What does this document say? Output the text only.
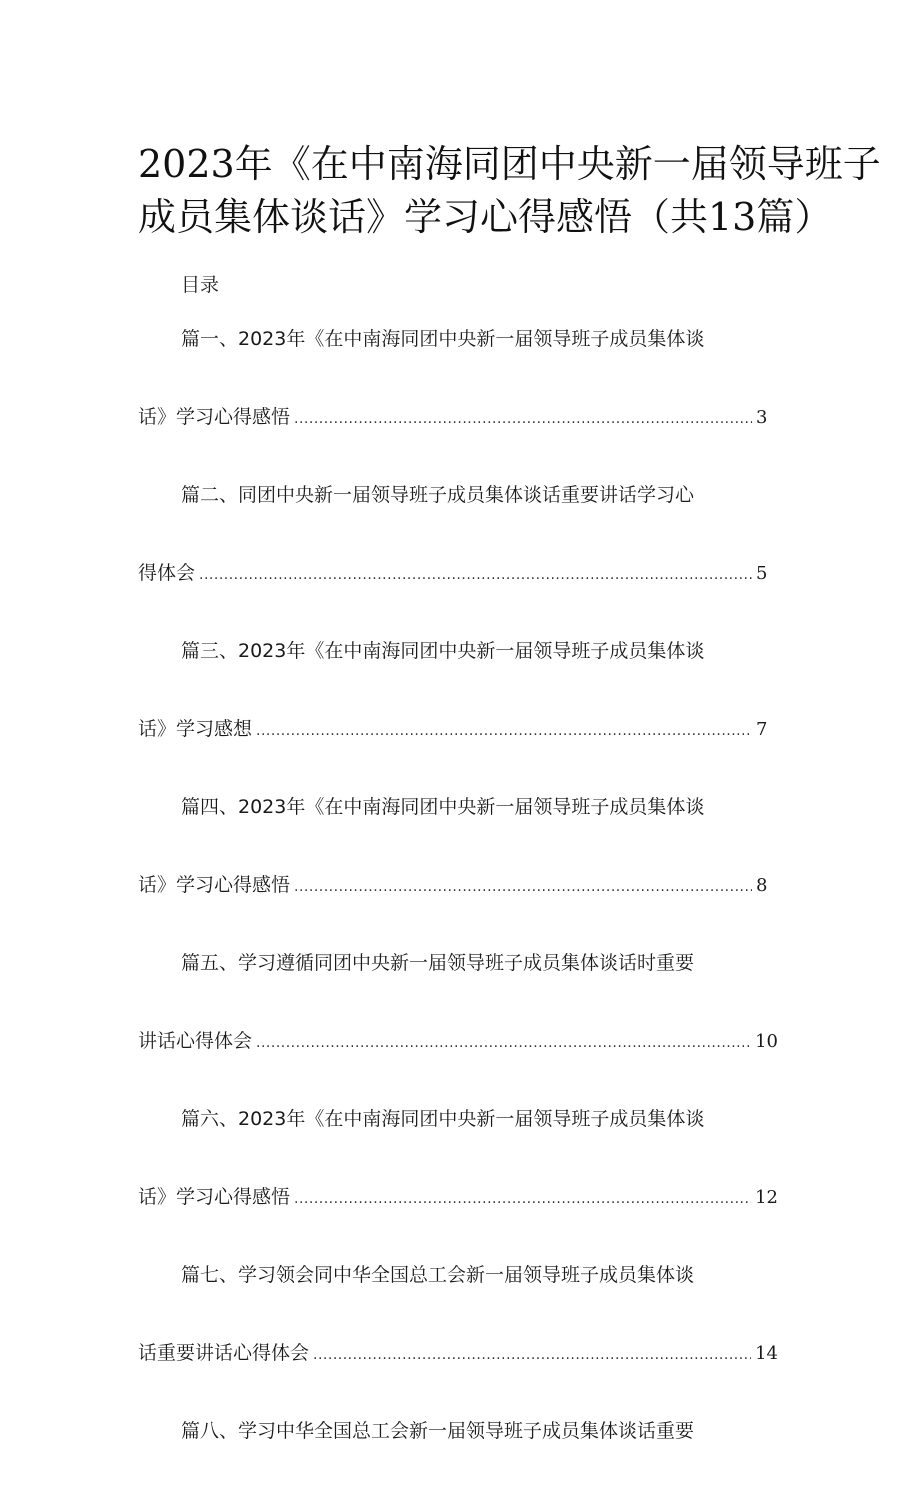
2023年《在中南海同团中央新一届领导班子
成员集体谈话》学习心得感悟（共13篇）
目录
篇一、2023年《在中南海同团中央新一届领导班子成员集体谈
话》学习心得感悟 .....	3
篇二、同团中央新一届领导班子成员集体谈话重要讲话学习心
得体会 .....	5
篇三、2023年《在中南海同团中央新一届领导班子成员集体谈
话》学习感想 .....	7
篇四、2023年《在中南海同团中央新一届领导班子成员集体谈
话》学习心得感悟 .....	8
篇五、学习遵循同团中央新一届领导班子成员集体谈话时重要
讲话心得体会 .....	10
篇六、2023年《在中南海同团中央新一届领导班子成员集体谈
话》学习心得感悟 .....	12
篇七、学习领会同中华全国总工会新一届领导班子成员集体谈
话重要讲话心得体会 .....	14
篇八、学习中华全国总工会新一届领导班子成员集体谈话重要
